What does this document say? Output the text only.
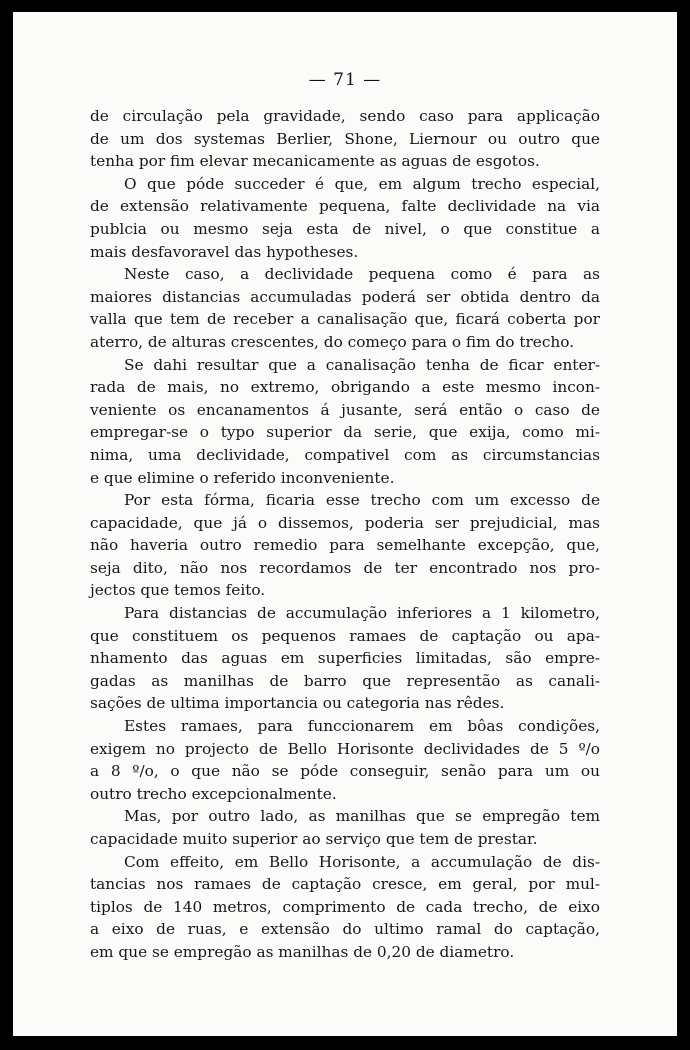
— 71 —
de circulação pela gravidade, sendo caso para applicação
de um dos systemas Berlier, Shone, Liernour ou outro que
tenha por fim elevar mecanicamente as aguas de esgotos.
O que póde succeder é que, em algum trecho especial,
de extensão relativamente pequena, falte declividade na via
publcia ou mesmo seja esta de nivel, o que constitue a
mais desfavoravel das hypotheses.
Neste caso, a declividade pequena como é para as
maiores distancias accumuladas poderá ser obtida dentro da
valla que tem de receber a canalisação que, ficará coberta por
aterro, de alturas crescentes, do começo para o fim do trecho.
Se dahi resultar que a canalisação tenha de ficar enter-
rada de mais, no extremo, obrigando a este mesmo incon-
veniente os encanamentos á jusante, será então o caso de
empregar-se o typo superior da serie, que exija, como mi-
nima, uma declividade, compativel com as circumstancias
e que elimine o referido inconveniente.
Por esta fórma, ficaria esse trecho com um excesso de
capacidade, que já o dissemos, poderia ser prejudicial, mas
não haveria outro remedio para semelhante excepção, que,
seja dito, não nos recordamos de ter encontrado nos pro-
jectos que temos feito.
Para distancias de accumulação inferiores a 1 kilometro,
que constituem os pequenos ramaes de captação ou apa-
nhamento das aguas em superficies limitadas, são empre-
gadas as manilhas de barro que representão as canali-
sações de ultima importancia ou categoria nas rêdes.
Estes ramaes, para funccionarem em bôas condições,
exigem no projecto de Bello Horisonte declividades de 5 º/o
a 8 º/o, o que não se póde conseguir, senão para um ou
outro trecho excepcionalmente.
Mas, por outro lado, as manilhas que se empregão tem
capacidade muito superior ao serviço que tem de prestar.
Com effeito, em Bello Horisonte, a accumulação de dis-
tancias nos ramaes de captação cresce, em geral, por mul-
tiplos de 140 metros, comprimento de cada trecho, de eixo
a eixo de ruas, e extensão do ultimo ramal do captação,
em que se empregão as manilhas de 0,20 de diametro.
